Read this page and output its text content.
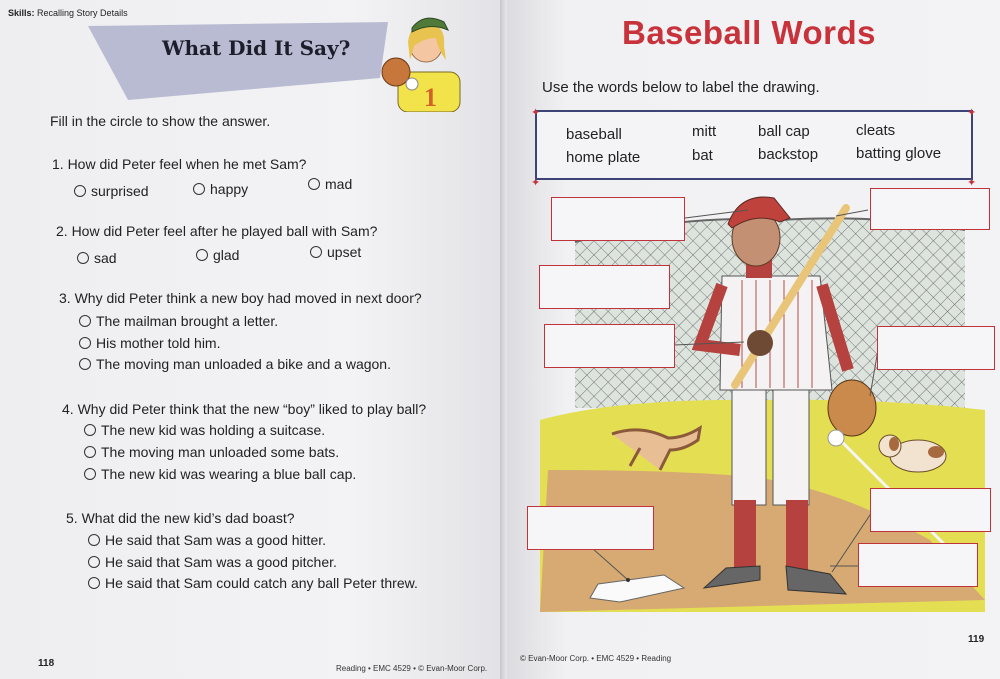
Skills: Recalling Story Details
What Did It Say?
1
Fill in the circle to show the answer.
1. How did Peter feel when he met Sam?
surprised	happy	mad
2. How did Peter feel after he played ball with Sam?
sad	glad	upset
3. Why did Peter think a new boy had moved in next door?
The mailman brought a letter.
His mother told him.
The moving man unloaded a bike and a wagon.
4. Why did Peter think that the new “boy” liked to play ball?
The new kid was holding a suitcase.
The moving man unloaded some bats.
The new kid was wearing a blue ball cap.
5. What did the new kid’s dad boast?
He said that Sam was a good hitter.
He said that Sam was a good pitcher.
He said that Sam could catch any ball Peter threw.
118	Reading • EMC 4529 • © Evan-Moor Corp.
Baseball Words
Use the words below to label the drawing.
baseball	mitt	ball cap	cleats
home plate	bat	backstop	batting glove
✦	✦
✦	✦
119
© Evan-Moor Corp. • EMC 4529 • Reading
